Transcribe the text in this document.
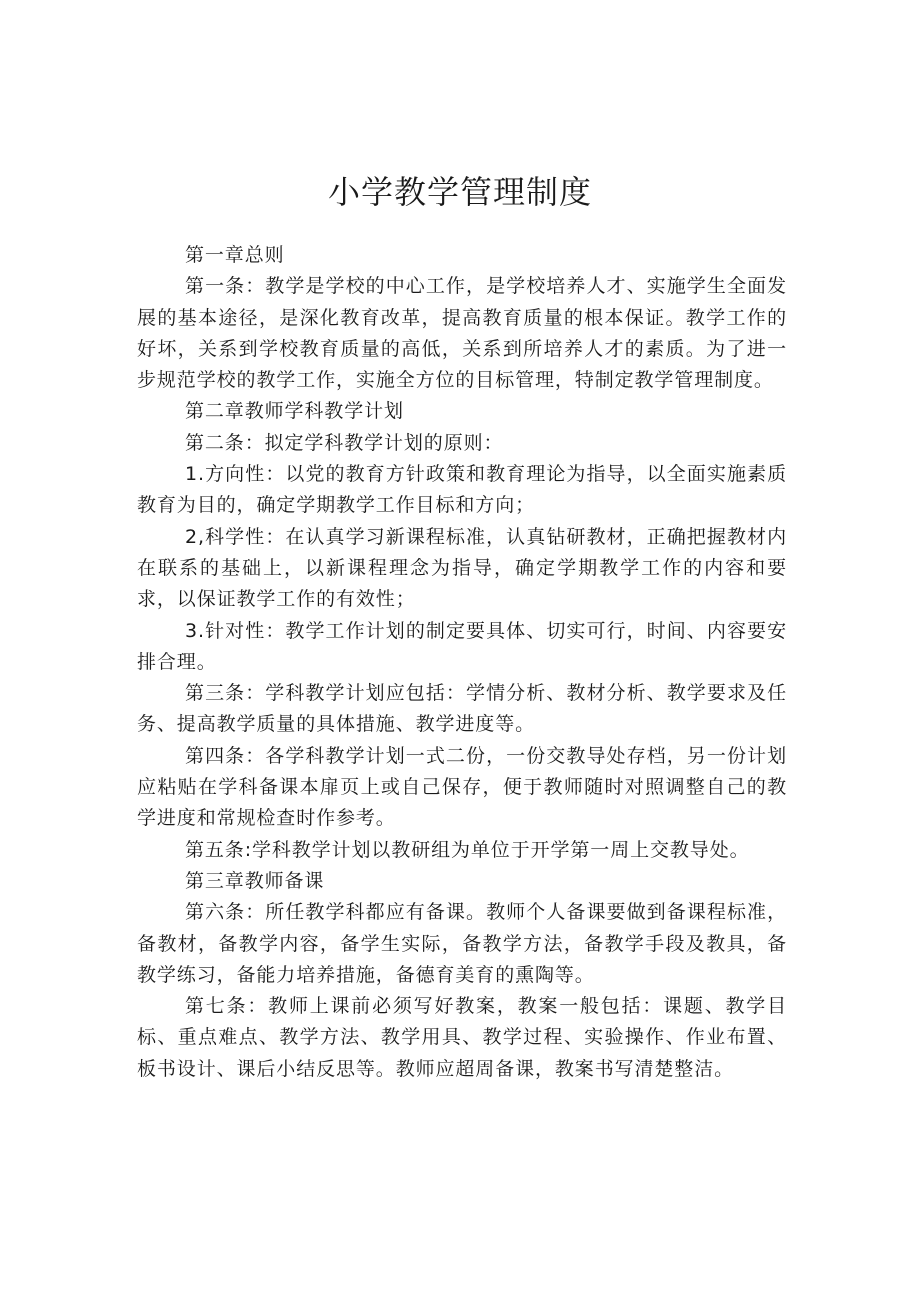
小学教学管理制度

第一章总则

第一条：教学是学校的中心工作，是学校培养人才、实施学生全面发展的基本途径，是深化教育改革，提高教育质量的根本保证。教学工作的好坏，关系到学校教育质量的高低，关系到所培养人才的素质。为了进一步规范学校的教学工作，实施全方位的目标管理，特制定教学管理制度。

第二章教师学科教学计划

第二条：拟定学科教学计划的原则：

1.方向性：以党的教育方针政策和教育理论为指导，以全面实施素质教育为目的，确定学期教学工作目标和方向；

2,科学性：在认真学习新课程标准，认真钻研教材，正确把握教材内在联系的基础上，以新课程理念为指导，确定学期教学工作的内容和要求，以保证教学工作的有效性；

3.针对性：教学工作计划的制定要具体、切实可行，时间、内容要安排合理。

第三条：学科教学计划应包括：学情分析、教材分析、教学要求及任务、提高教学质量的具体措施、教学进度等。

第四条：各学科教学计划一式二份，一份交教导处存档，另一份计划应粘贴在学科备课本扉页上或自己保存，便于教师随时对照调整自己的教学进度和常规检查时作参考。

第五条:学科教学计划以教研组为单位于开学第一周上交教导处。

第三章教师备课

第六条：所任教学科都应有备课。教师个人备课要做到备课程标准，备教材，备教学内容，备学生实际，备教学方法，备教学手段及教具，备教学练习，备能力培养措施，备德育美育的熏陶等。

第七条：教师上课前必须写好教案，教案一般包括：课题、教学目标、重点难点、教学方法、教学用具、教学过程、实验操作、作业布置、板书设计、课后小结反思等。教师应超周备课，教案书写清楚整洁。
